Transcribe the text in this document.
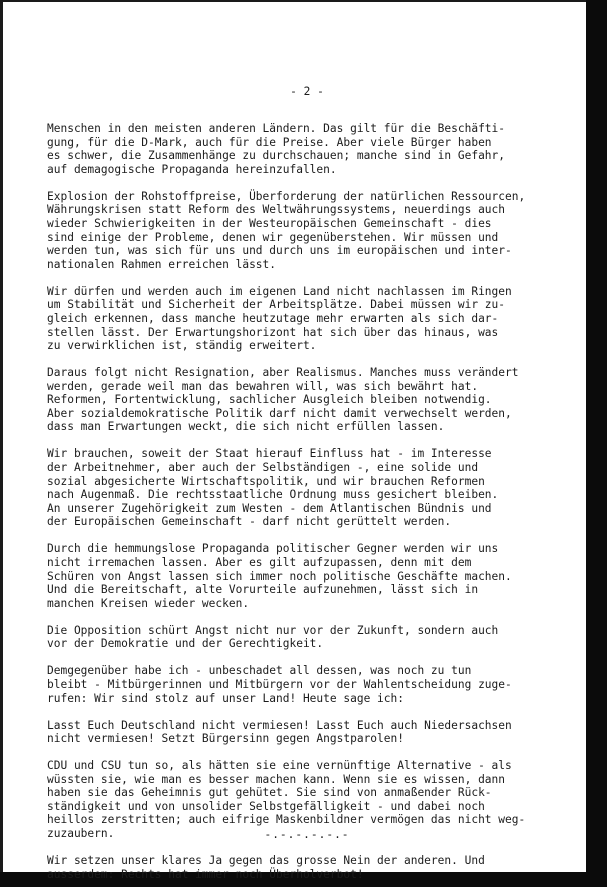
- 2 -

Menschen in den meisten anderen Ländern. Das gilt für die Beschäfti-
gung, für die D-Mark, auch für die Preise. Aber viele Bürger haben
es schwer, die Zusammenhänge zu durchschauen; manche sind in Gefahr,
auf demagogische Propaganda hereinzufallen.

Explosion der Rohstoffpreise, Überforderung der natürlichen Ressourcen,
Währungskrisen statt Reform des Weltwährungssystems, neuerdings auch
wieder Schwierigkeiten in der Westeuropäischen Gemeinschaft - dies
sind einige der Probleme, denen wir gegenüberstehen. Wir müssen und
werden tun, was sich für uns und durch uns im europäischen und inter-
nationalen Rahmen erreichen lässt.

Wir dürfen und werden auch im eigenen Land nicht nachlassen im Ringen
um Stabilität und Sicherheit der Arbeitsplätze. Dabei müssen wir zu-
gleich erkennen, dass manche heutzutage mehr erwarten als sich dar-
stellen lässt. Der Erwartungshorizont hat sich über das hinaus, was
zu verwirklichen ist, ständig erweitert.

Daraus folgt nicht Resignation, aber Realismus. Manches muss verändert
werden, gerade weil man das bewahren will, was sich bewährt hat.
Reformen, Fortentwicklung, sachlicher Ausgleich bleiben notwendig.
Aber sozialdemokratische Politik darf nicht damit verwechselt werden,
dass man Erwartungen weckt, die sich nicht erfüllen lassen.

Wir brauchen, soweit der Staat hierauf Einfluss hat - im Interesse
der Arbeitnehmer, aber auch der Selbständigen -, eine solide und
sozial abgesicherte Wirtschaftspolitik, und wir brauchen Reformen
nach Augenmaß. Die rechtsstaatliche Ordnung muss gesichert bleiben.
An unserer Zugehörigkeit zum Westen - dem Atlantischen Bündnis und
der Europäischen Gemeinschaft - darf nicht gerüttelt werden.

Durch die hemmungslose Propaganda politischer Gegner werden wir uns
nicht irremachen lassen. Aber es gilt aufzupassen, denn mit dem
Schüren von Angst lassen sich immer noch politische Geschäfte machen.
Und die Bereitschaft, alte Vorurteile aufzunehmen, lässt sich in
manchen Kreisen wieder wecken.

Die Opposition schürt Angst nicht nur vor der Zukunft, sondern auch
vor der Demokratie und der Gerechtigkeit.

Demgegenüber habe ich - unbeschadet all dessen, was noch zu tun
bleibt - Mitbürgerinnen und Mitbürgern vor der Wahlentscheidung zuge-
rufen: Wir sind stolz auf unser Land! Heute sage ich:

Lasst Euch Deutschland nicht vermiesen! Lasst Euch auch Niedersachsen
nicht vermiesen! Setzt Bürgersinn gegen Angstparolen!

CDU und CSU tun so, als hätten sie eine vernünftige Alternative - als
wüssten sie, wie man es besser machen kann. Wenn sie es wissen, dann
haben sie das Geheimnis gut gehütet. Sie sind von anmaßender Rück-
ständigkeit und von unsolider Selbstgefälligkeit - und dabei noch
heillos zerstritten; auch eifrige Maskenbildner vermögen das nicht weg-
zuzaubern.

Wir setzen unser klares Ja gegen das grosse Nein der anderen. Und
ausserdem: Rechts hat immer noch Überholverbot!

-.-.-.-.-.-
